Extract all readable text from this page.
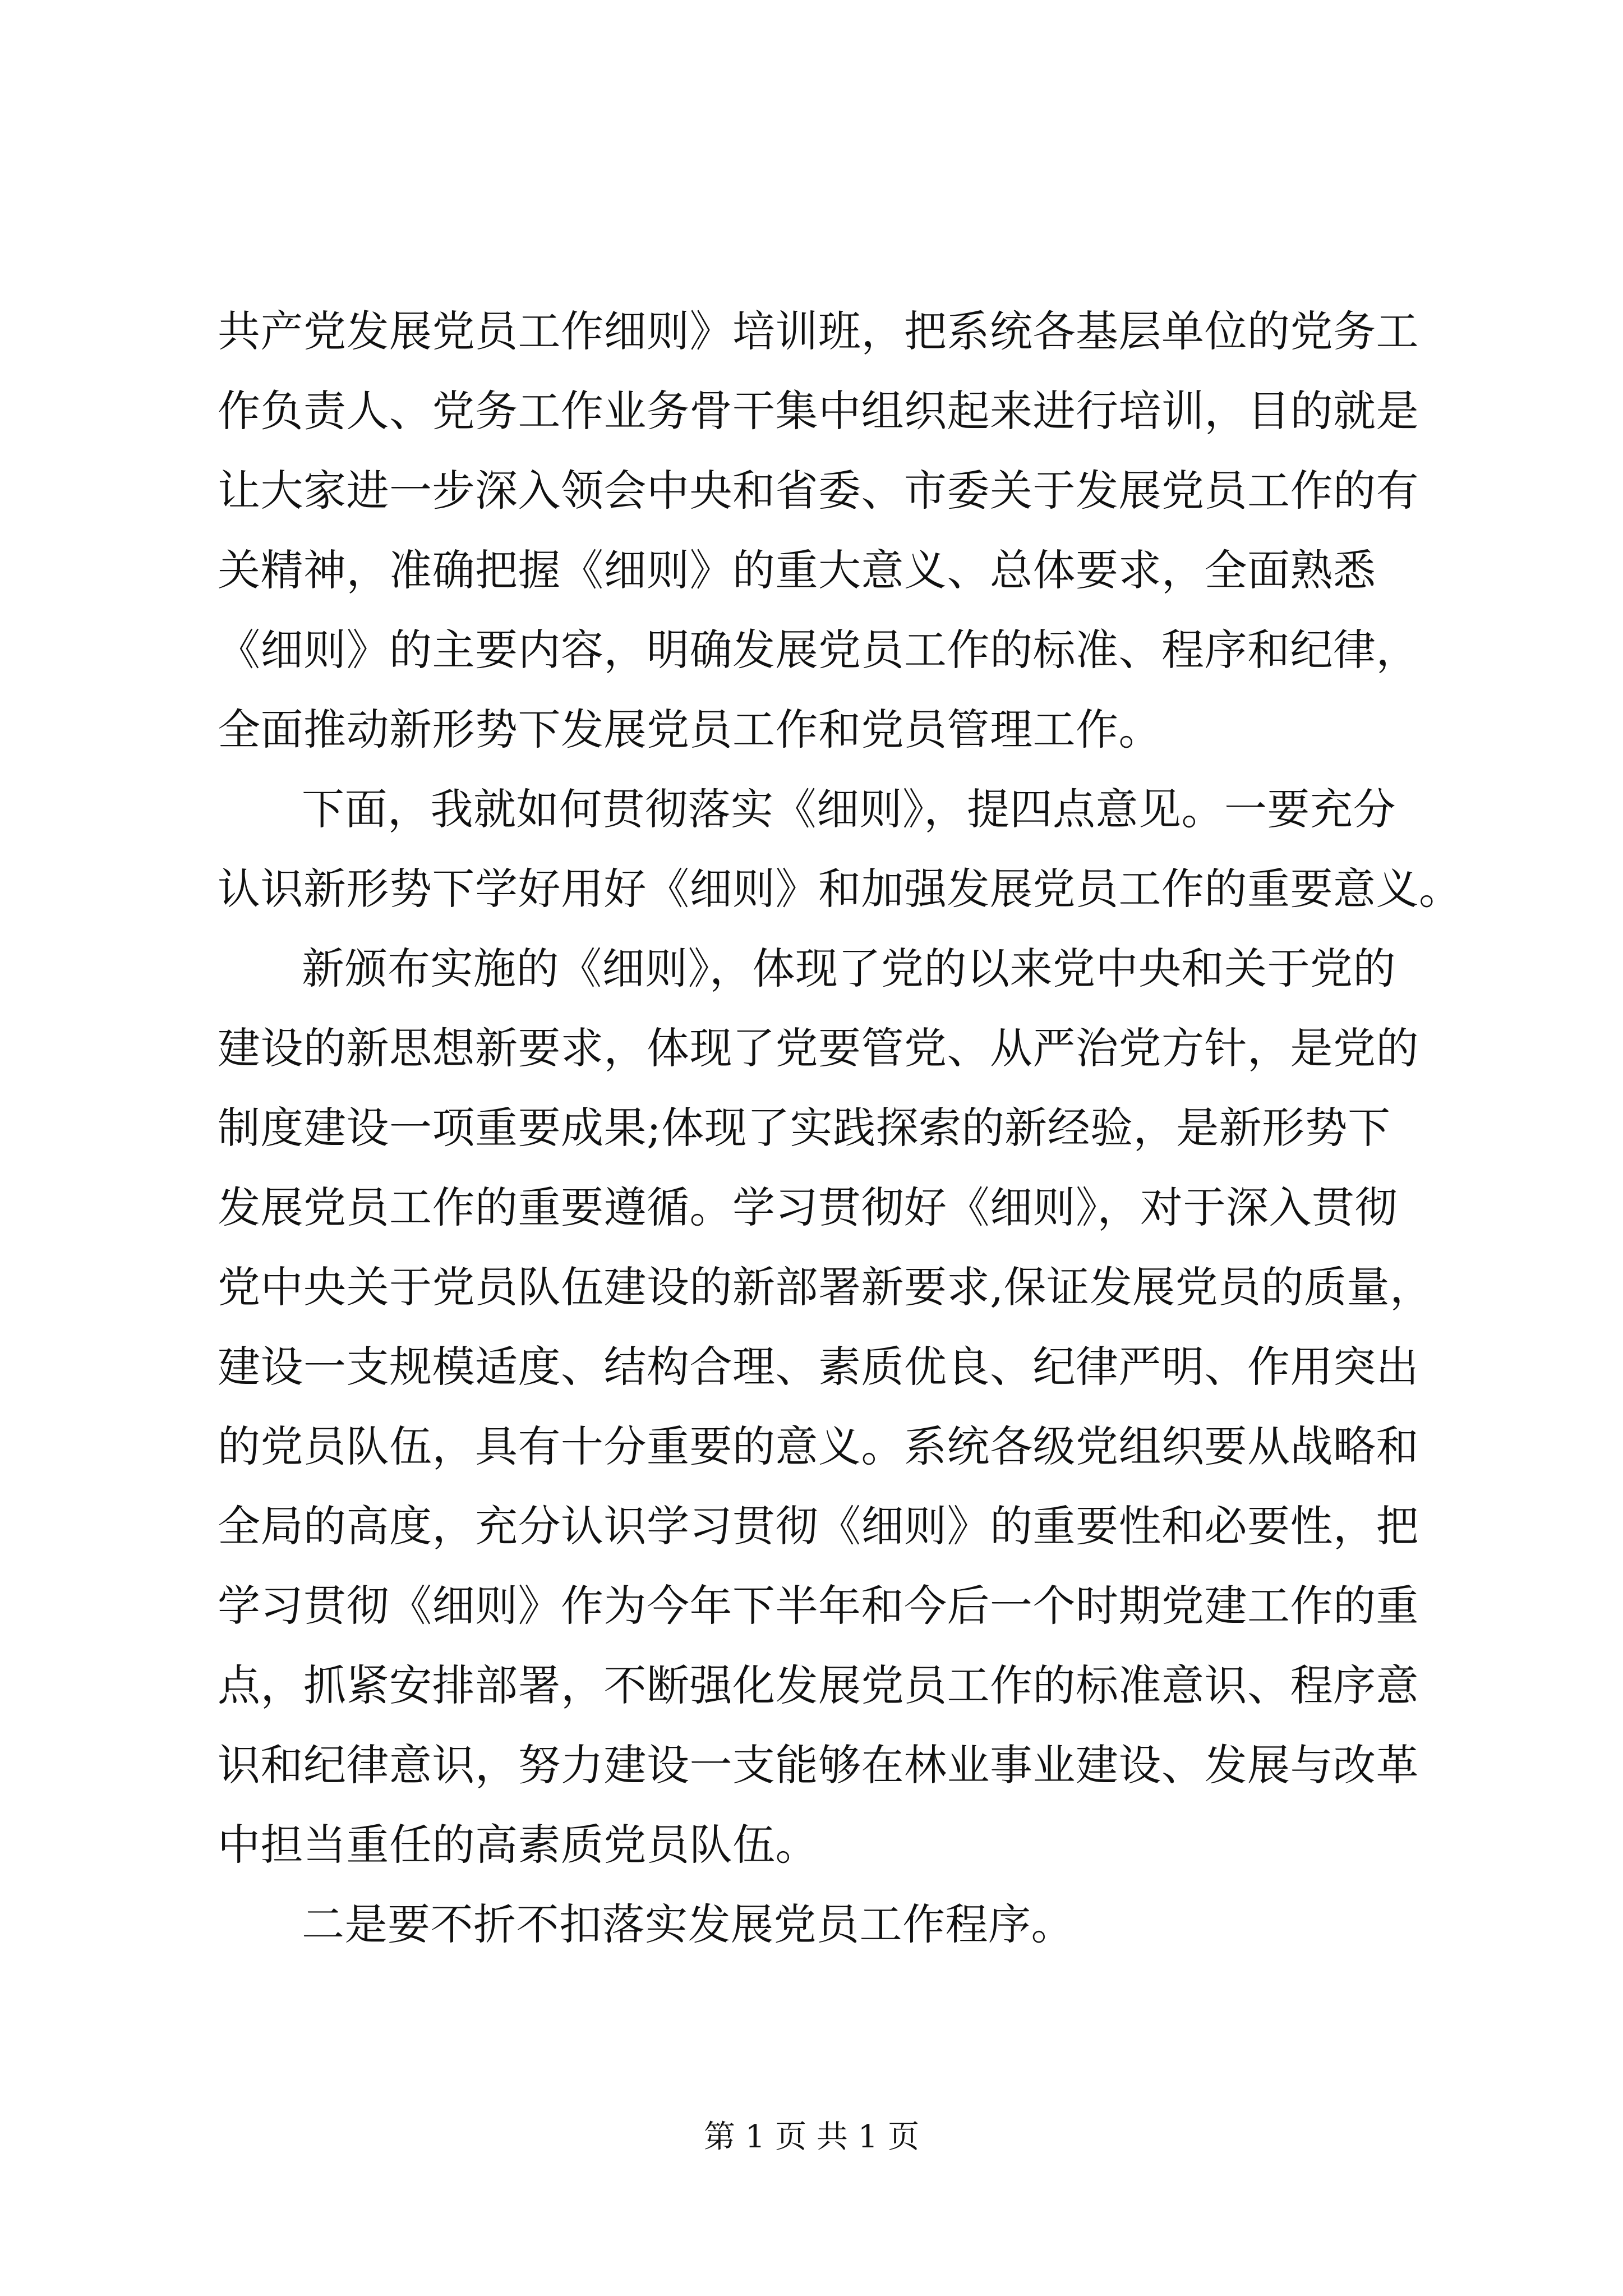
共产党发展党员工作细则》培训班，把系统各基层单位的党务工
作负责人、党务工作业务骨干集中组织起来进行培训，目的就是
让大家进一步深入领会中央和省委、市委关于发展党员工作的有
关精神，准确把握《细则》的重大意义、总体要求，全面熟悉
《细则》的主要内容，明确发展党员工作的标准、程序和纪律，
全面推动新形势下发展党员工作和党员管理工作。
下面，我就如何贯彻落实《细则》，提四点意见。一要充分
认识新形势下学好用好《细则》和加强发展党员工作的重要意义。
新颁布实施的《细则》，体现了党的以来党中央和关于党的
建设的新思想新要求，体现了党要管党、从严治党方针，是党的
制度建设一项重要成果;体现了实践探索的新经验，是新形势下
发展党员工作的重要遵循。学习贯彻好《细则》，对于深入贯彻
党中央关于党员队伍建设的新部署新要求,保证发展党员的质量，
建设一支规模适度、结构合理、素质优良、纪律严明、作用突出
的党员队伍，具有十分重要的意义。系统各级党组织要从战略和
全局的高度，充分认识学习贯彻《细则》的重要性和必要性，把
学习贯彻《细则》作为今年下半年和今后一个时期党建工作的重
点，抓紧安排部署，不断强化发展党员工作的标准意识、程序意
识和纪律意识，努力建设一支能够在林业事业建设、发展与改革
中担当重任的高素质党员队伍。
二是要不折不扣落实发展党员工作程序。
第 1 页 共 1 页
